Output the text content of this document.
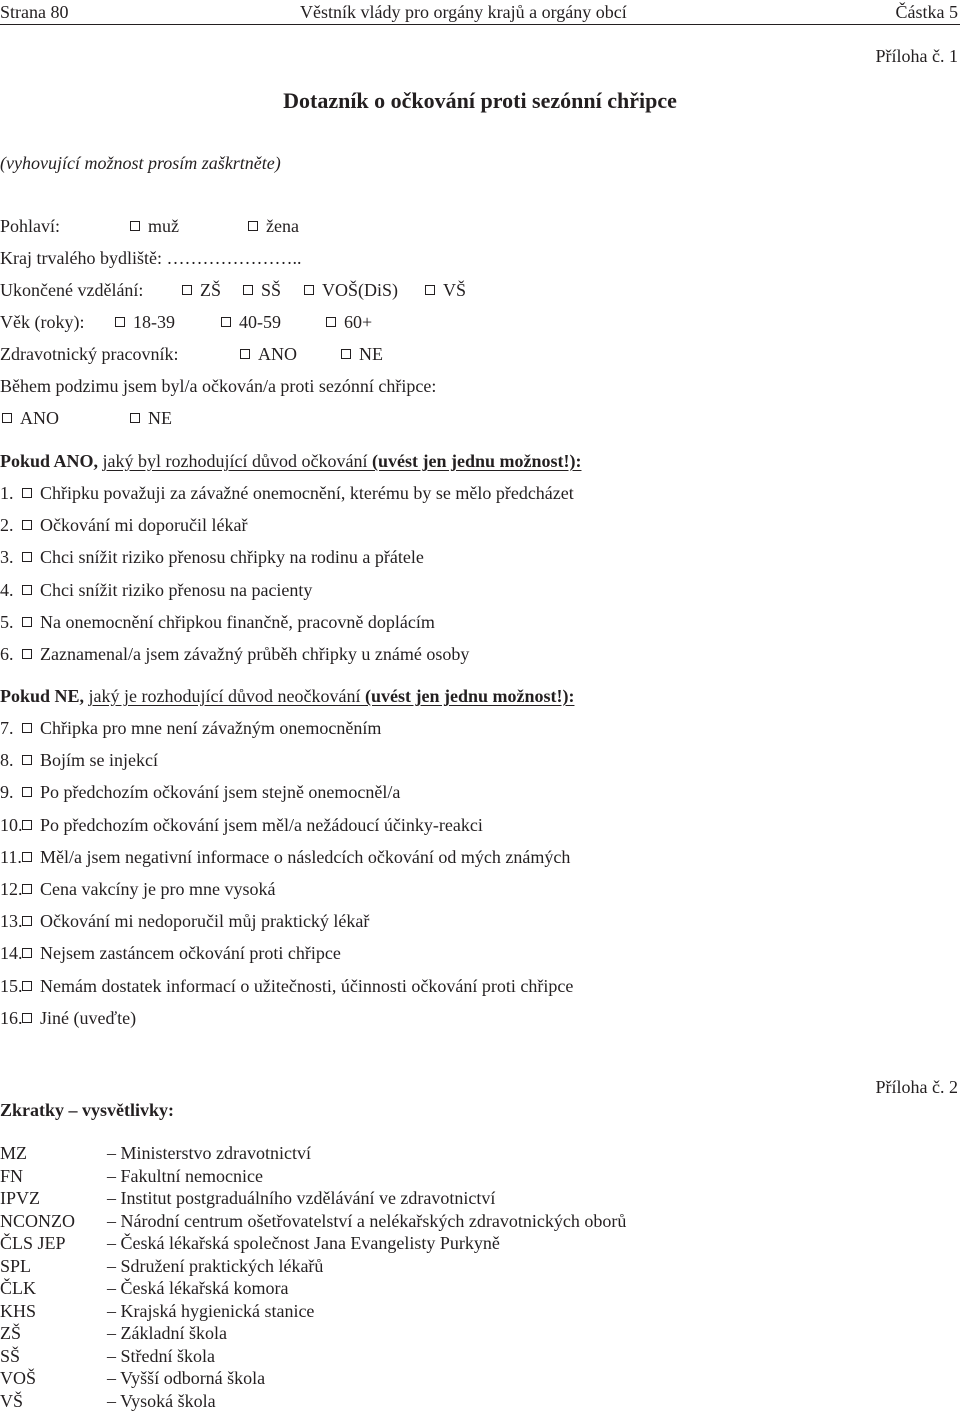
Strana 80	Věstník vlády pro orgány krajů a orgány obcí	Částka 5
Příloha č. 1
Dotazník o očkování proti sezónní chřipce
(vyhovující možnost prosím zaškrtněte)
Pohlaví:	muž	žena
Kraj trvalého bydliště: …………………..
Ukončené vzdělání:	ZŠ	SŠ	VOŠ(DiS)	VŠ
Věk (roky):	18-39	40-59	60+
Zdravotnický pracovník:	ANO	NE
Během podzimu jsem byl/a očkován/a proti sezónní chřipce:
ANO	NE
Pokud ANO, jaký byl rozhodující důvod očkování (uvést jen jednu možnost!):
1. Chřipku považuji za závažné onemocnění, kterému by se mělo předcházet
2. Očkování mi doporučil lékař
3. Chci snížit riziko přenosu chřipky na rodinu a přátele
4. Chci snížit riziko přenosu na pacienty
5. Na onemocnění chřipkou finančně, pracovně doplácím
6. Zaznamenal/a jsem závažný průběh chřipky u známé osoby
Pokud NE, jaký je rozhodující důvod neočkování (uvést jen jednu možnost!):
7. Chřipka pro mne není závažným onemocněním
8. Bojím se injekcí
9. Po předchozím očkování jsem stejně onemocněl/a
10. Po předchozím očkování jsem měl/a nežádoucí účinky-reakci
11. Měl/a jsem negativní informace o následcích očkování od mých známých
12. Cena vakcíny je pro mne vysoká
13. Očkování mi nedoporučil můj praktický lékař
14. Nejsem zastáncem očkování proti chřipce
15. Nemám dostatek informací o užitečnosti, účinnosti očkování proti chřipce
16. Jiné (uveďte)
Příloha č. 2
Zkratky – vysvětlivky:
MZ	– Ministerstvo zdravotnictví
FN	– Fakultní nemocnice
IPVZ	– Institut postgraduálního vzdělávání ve zdravotnictví
NCONZO – Národní centrum ošetřovatelství a nelékařských zdravotnických oborů
ČLS JEP – Česká lékařská společnost Jana Evangelisty Purkyně
SPL	– Sdružení praktických lékařů
ČLK	– Česká lékařská komora
KHS	– Krajská hygienická stanice
ZŠ	– Základní škola
SŠ	– Střední škola
VOŠ	– Vyšší odborná škola
VŠ	– Vysoká škola
